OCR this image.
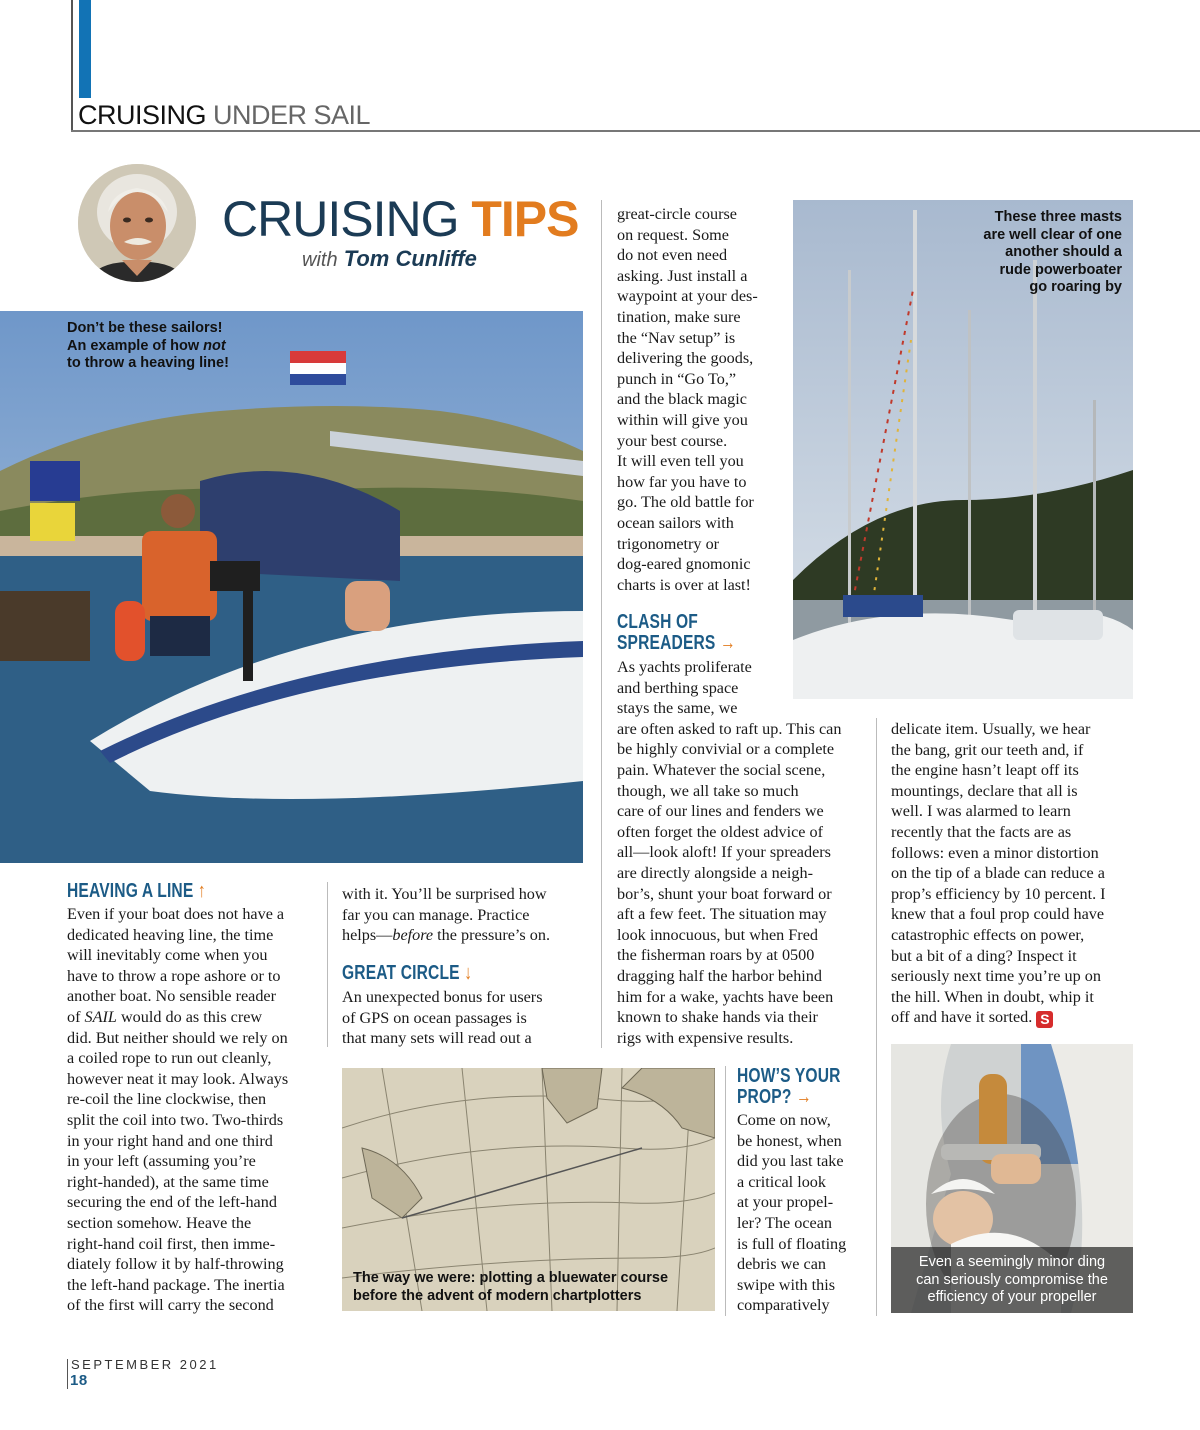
CRUISING UNDER SAIL
CRUISING TIPS
with Tom Cunliffe
Don’t be these sailors!
An example of how not
to throw a heaving line!
These three masts
are well clear of one
another should a
rude powerboater
go roaring by
HEAVING A LINE ↑

Even if your boat does not have a

dedicated heaving line, the time

will inevitably come when you

have to throw a rope ashore or to

another boat. No sensible reader

of SAIL would do as this crew

did. But neither should we rely on

a coiled rope to run out cleanly,

however neat it may look. Always

re-coil the line clockwise, then

split the coil into two. Two-thirds

in your right hand and one third

in your left (assuming you’re

right-handed), at the same time

securing the end of the left-hand

section somehow. Heave the

right-hand coil first, then imme-

diately follow it by half-throwing

the left-hand package. The inertia

of the first will carry the second

with it. You’ll be surprised how

far you can manage. Practice

helps—before the pressure’s on.

GREAT CIRCLE ↓

An unexpected bonus for users

of GPS on ocean passages is

that many sets will read out a

The way we were: plotting a bluewater course
before the advent of modern chartplotters

great-circle course

on request. Some

do not even need

asking. Just install a

waypoint at your des-

tination, make sure

the “Nav setup” is

delivering the goods,

punch in “Go To,”

and the black magic

within will give you

your best course.

It will even tell you

how far you have to

go. The old battle for

ocean sailors with

trigonometry or

dog-eared gnomonic

charts is over at last!

CLASH OF
SPREADERS →

As yachts proliferate

and berthing space

stays the same, we

are often asked to raft up. This can

be highly convivial or a complete

pain. Whatever the social scene,

though, we all take so much

care of our lines and fenders we

often forget the oldest advice of

all—look aloft! If your spreaders

are directly alongside a neigh-

bor’s, shunt your boat forward or

aft a few feet. The situation may

look innocuous, but when Fred

the fisherman roars by at 0500

dragging half the harbor behind

him for a wake, yachts have been

known to shake hands via their

rigs with expensive results.

HOW’S YOUR
PROP? →

Come on now,

be honest, when

did you last take

a critical look

at your propel-

ler? The ocean

is full of floating

debris we can

swipe with this

comparatively

delicate item. Usually, we hear

the bang, grit our teeth and, if

the engine hasn’t leapt off its

mountings, declare that all is

well. I was alarmed to learn

recently that the facts are as

follows: even a minor distortion

on the tip of a blade can reduce a

prop’s efficiency by 10 percent. I

knew that a foul prop could have

catastrophic effects on power,

but a bit of a ding? Inspect it

seriously next time you’re up on

the hill. When in doubt, whip it

off and have it sorted. S

Even a seemingly minor ding
can seriously compromise the
efficiency of your propeller
SEPTEMBER 2021
18
